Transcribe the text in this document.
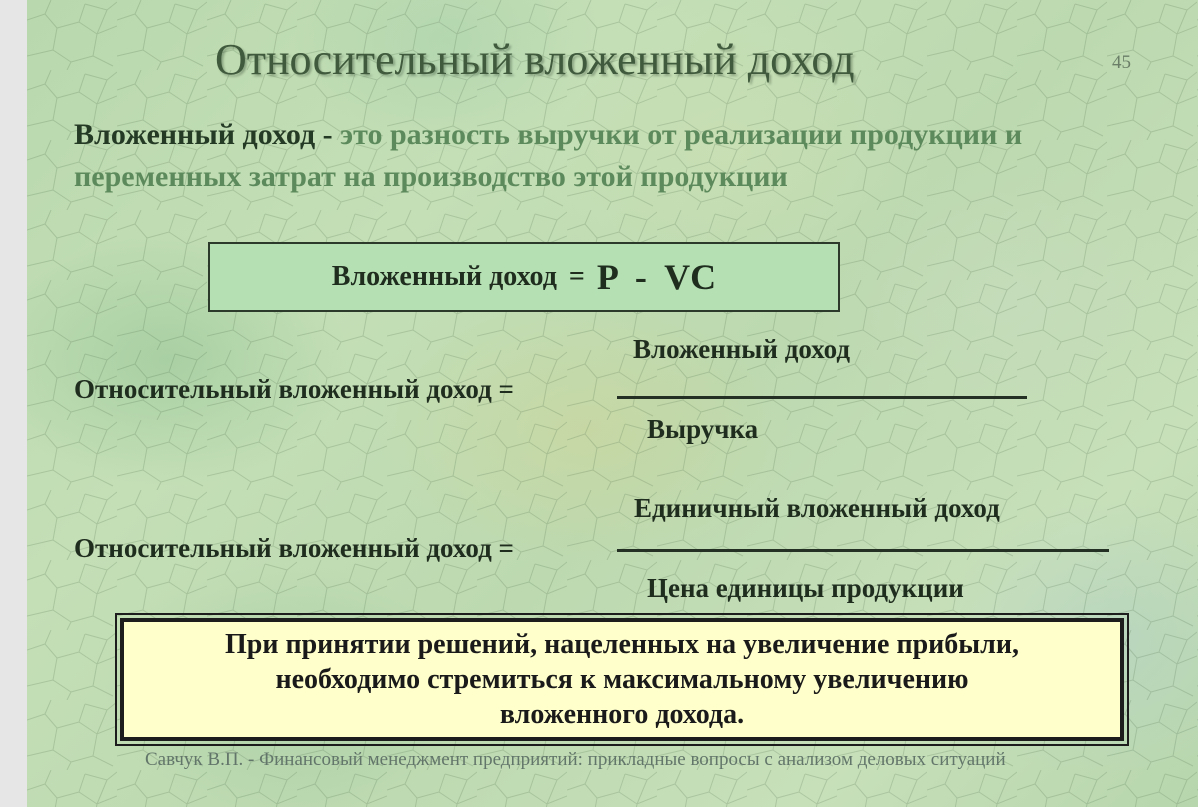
Относительный вложенный доход	45
Вложенный доход - это разность выручки от реализации продукции и переменных затрат на производство этой продукции
Вложенный доход = P  -  VC
Относительный вложенный доход =
Вложенный доход
Выручка
Относительный вложенный доход =
Единичный вложенный доход
Цена единицы продукции
При принятии решений, нацеленных на увеличение прибыли,
необходимо стремиться к максимальному увеличению
вложенного дохода.
Савчук В.П. - Финансовый менеджмент предприятий: прикладные вопросы с анализом деловых ситуаций
